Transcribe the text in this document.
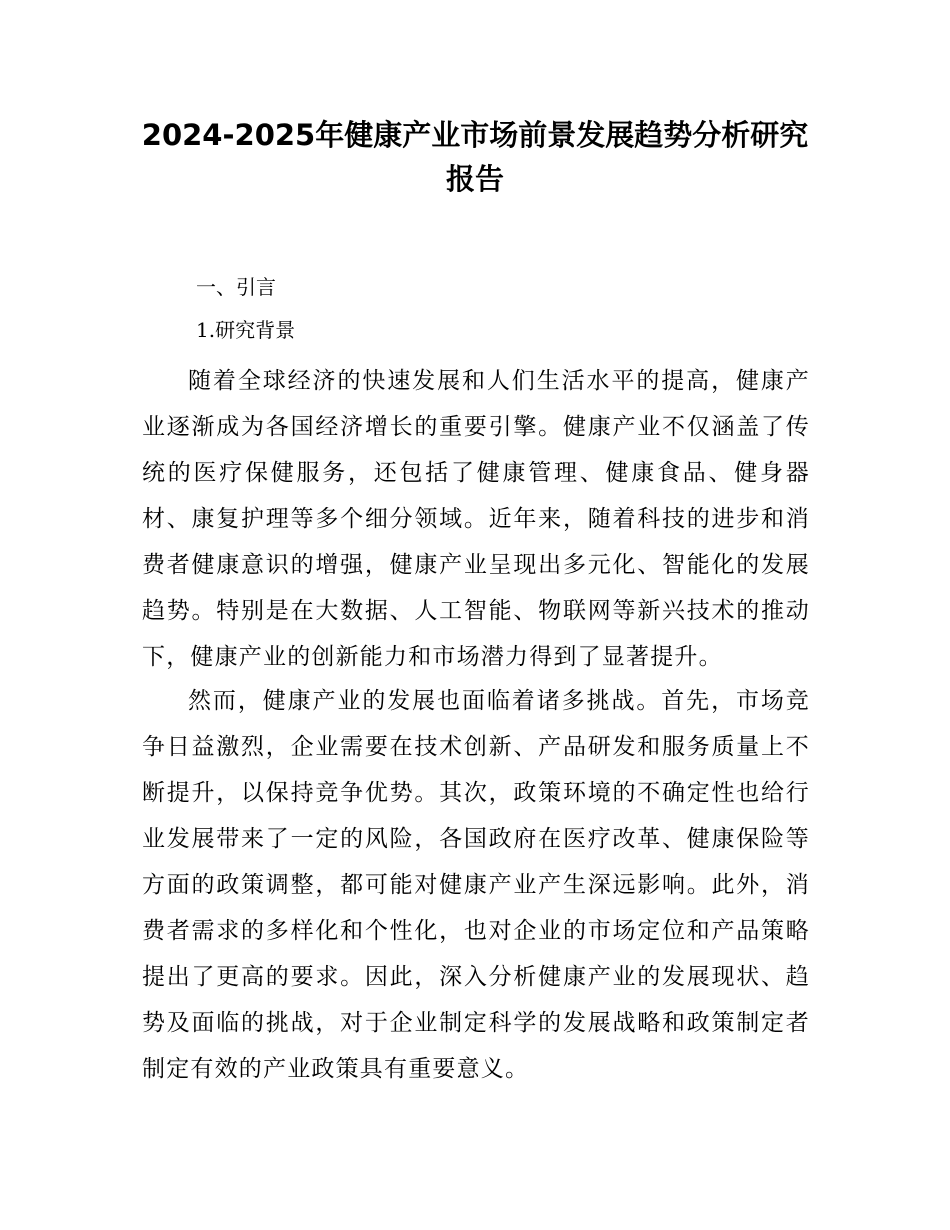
2024-2025年健康产业市场前景发展趋势分析研究报告

一、引言

1.研究背景

随着全球经济的快速发展和人们生活水平的提高，健康产业逐渐成为各国经济增长的重要引擎。健康产业不仅涵盖了传统的医疗保健服务，还包括了健康管理、健康食品、健身器材、康复护理等多个细分领域。近年来，随着科技的进步和消费者健康意识的增强，健康产业呈现出多元化、智能化的发展趋势。特别是在大数据、人工智能、物联网等新兴技术的推动下，健康产业的创新能力和市场潜力得到了显著提升。

然而，健康产业的发展也面临着诸多挑战。首先，市场竞争日益激烈，企业需要在技术创新、产品研发和服务质量上不断提升，以保持竞争优势。其次，政策环境的不确定性也给行业发展带来了一定的风险，各国政府在医疗改革、健康保险等方面的政策调整，都可能对健康产业产生深远影响。此外，消费者需求的多样化和个性化，也对企业的市场定位和产品策略提出了更高的要求。因此，深入分析健康产业的发展现状、趋势及面临的挑战，对于企业制定科学的发展战略和政策制定者制定有效的产业政策具有重要意义。
